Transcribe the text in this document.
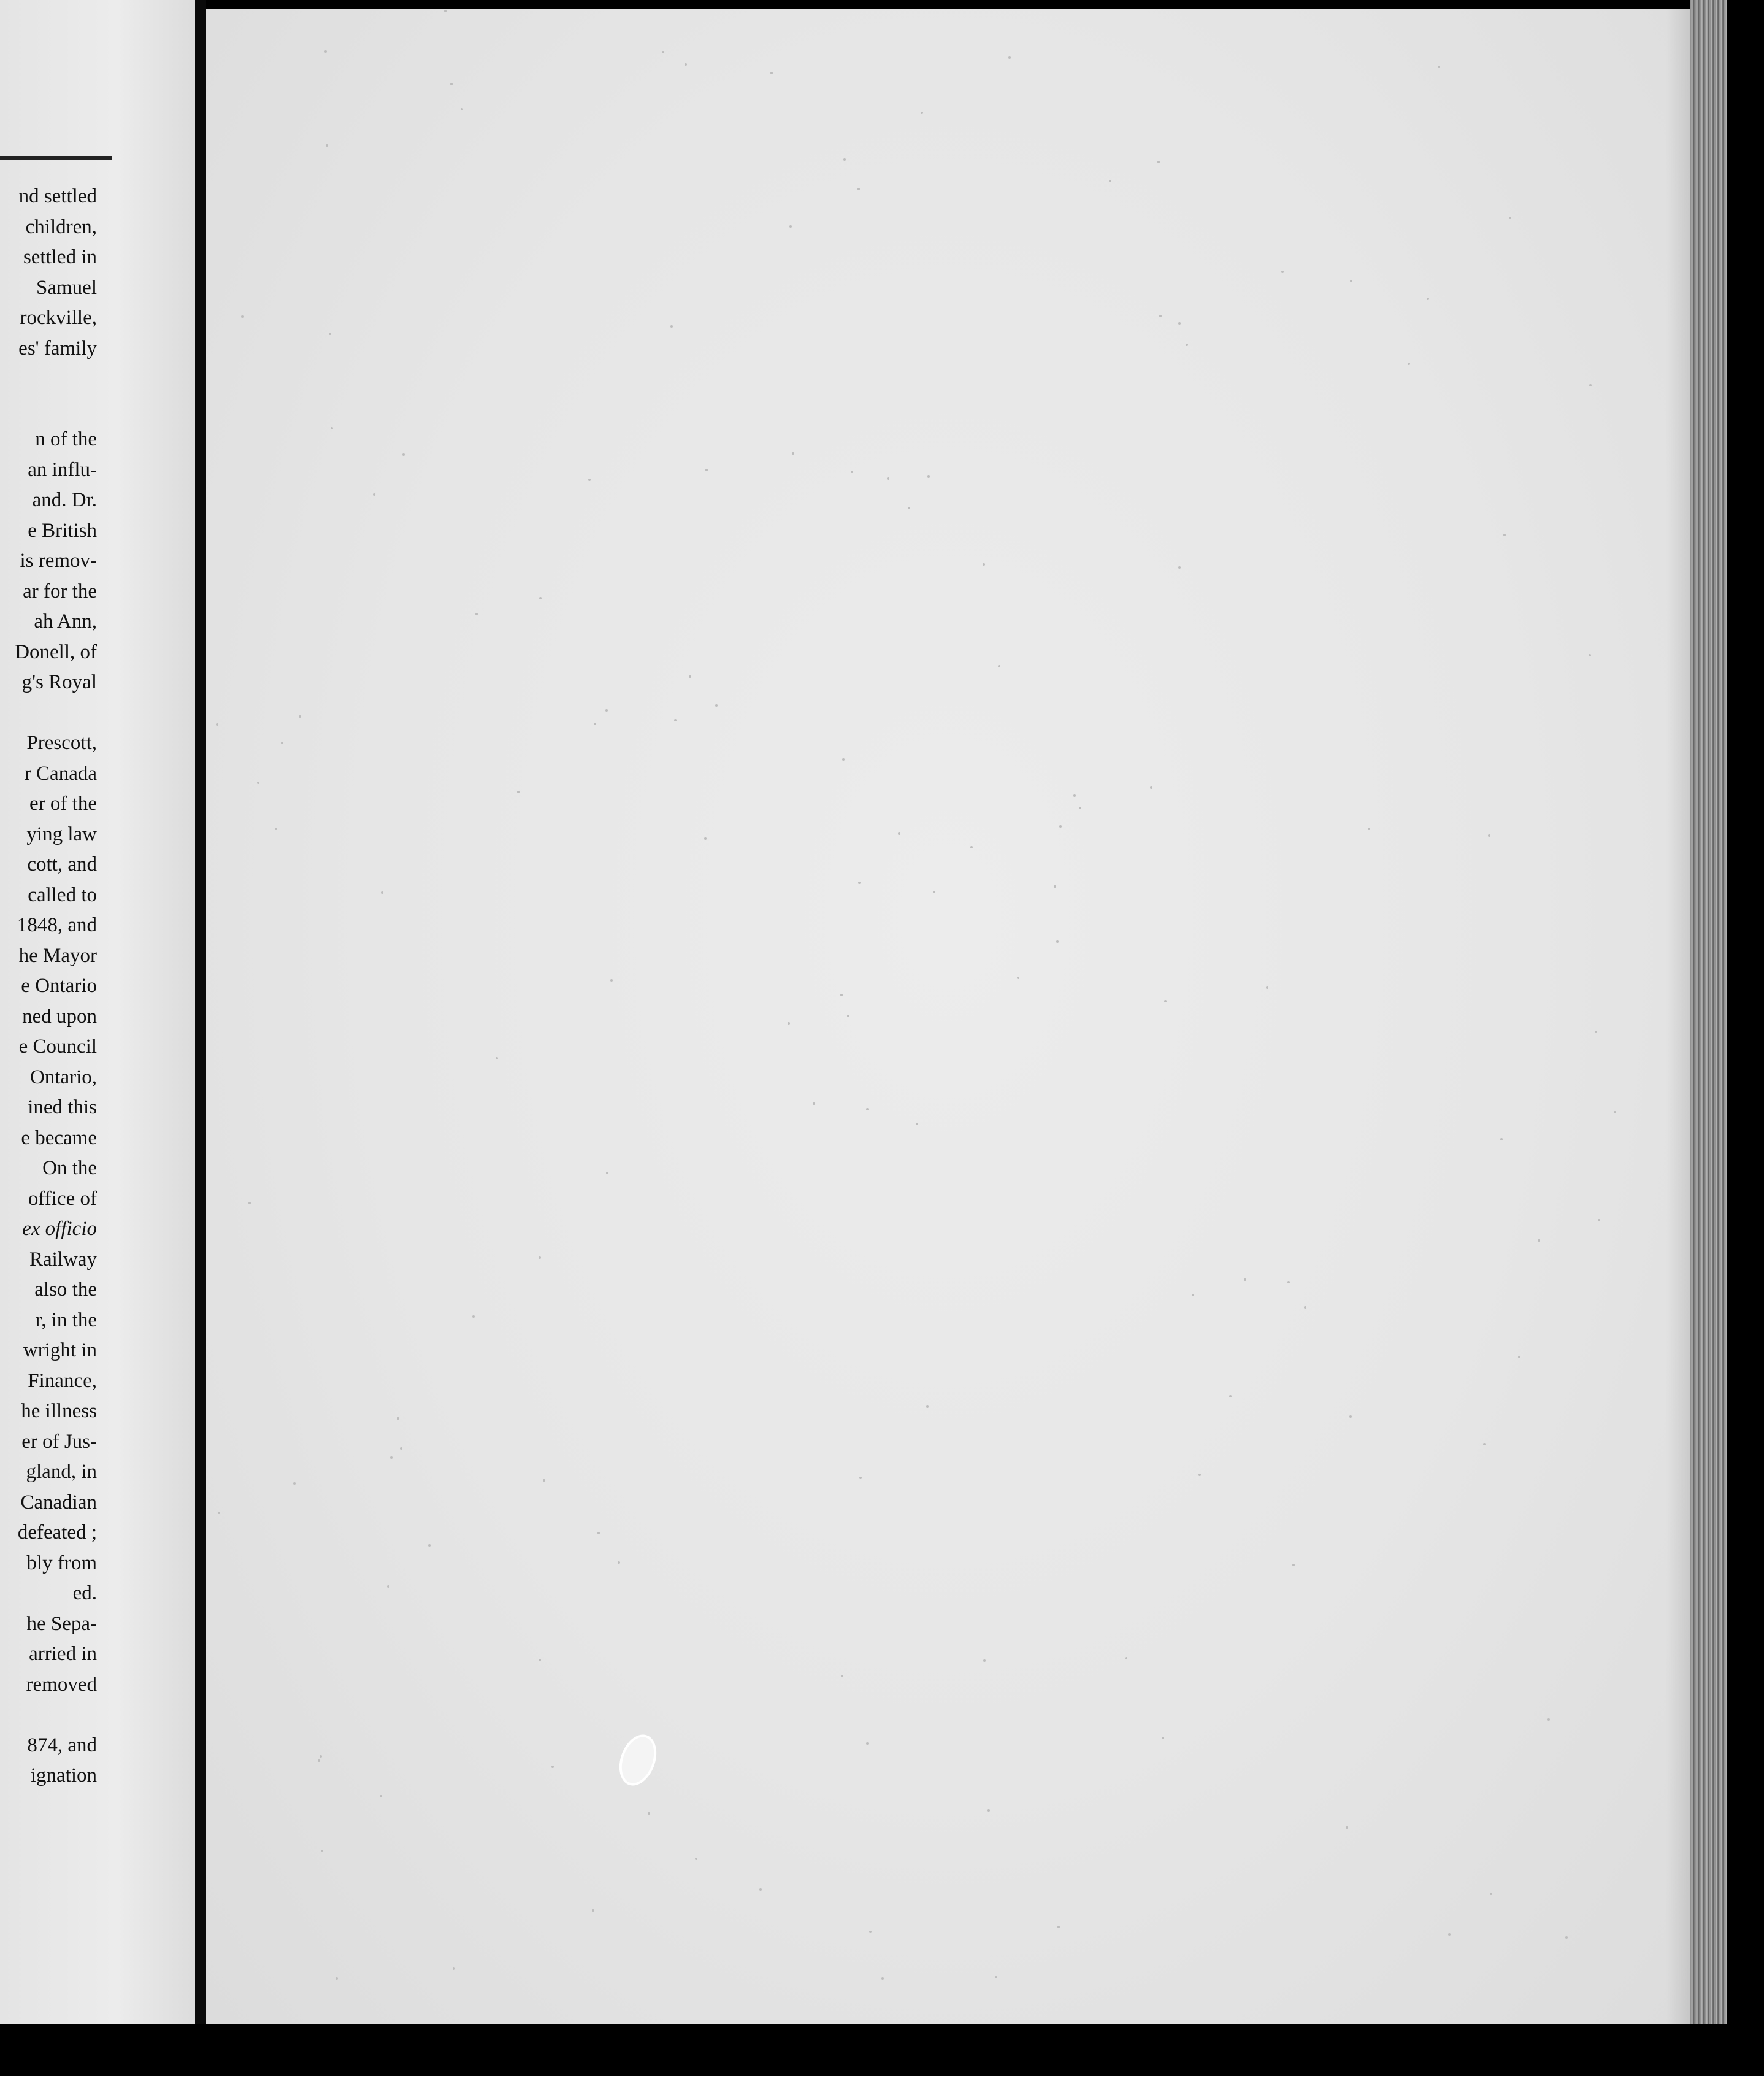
nd settled
children,
settled in
Samuel
rockville,
es' family
n of the
an influ-
and. Dr.
e British
is remov-
ar for the
ah Ann,
Donell, of
g's Royal
Prescott,
r Canada
er of the
ying law
cott, and
called to
1848, and
he Mayor
e Ontario
ned upon
e Council
Ontario,
ined this
e became
On the
office of
ex officio
Railway
also the
r, in the
wright in
Finance,
he illness
er of Jus-
gland, in
Canadian
defeated ;
bly from
ed.
he Sepa-
arried in
removed
874, and
ignation
